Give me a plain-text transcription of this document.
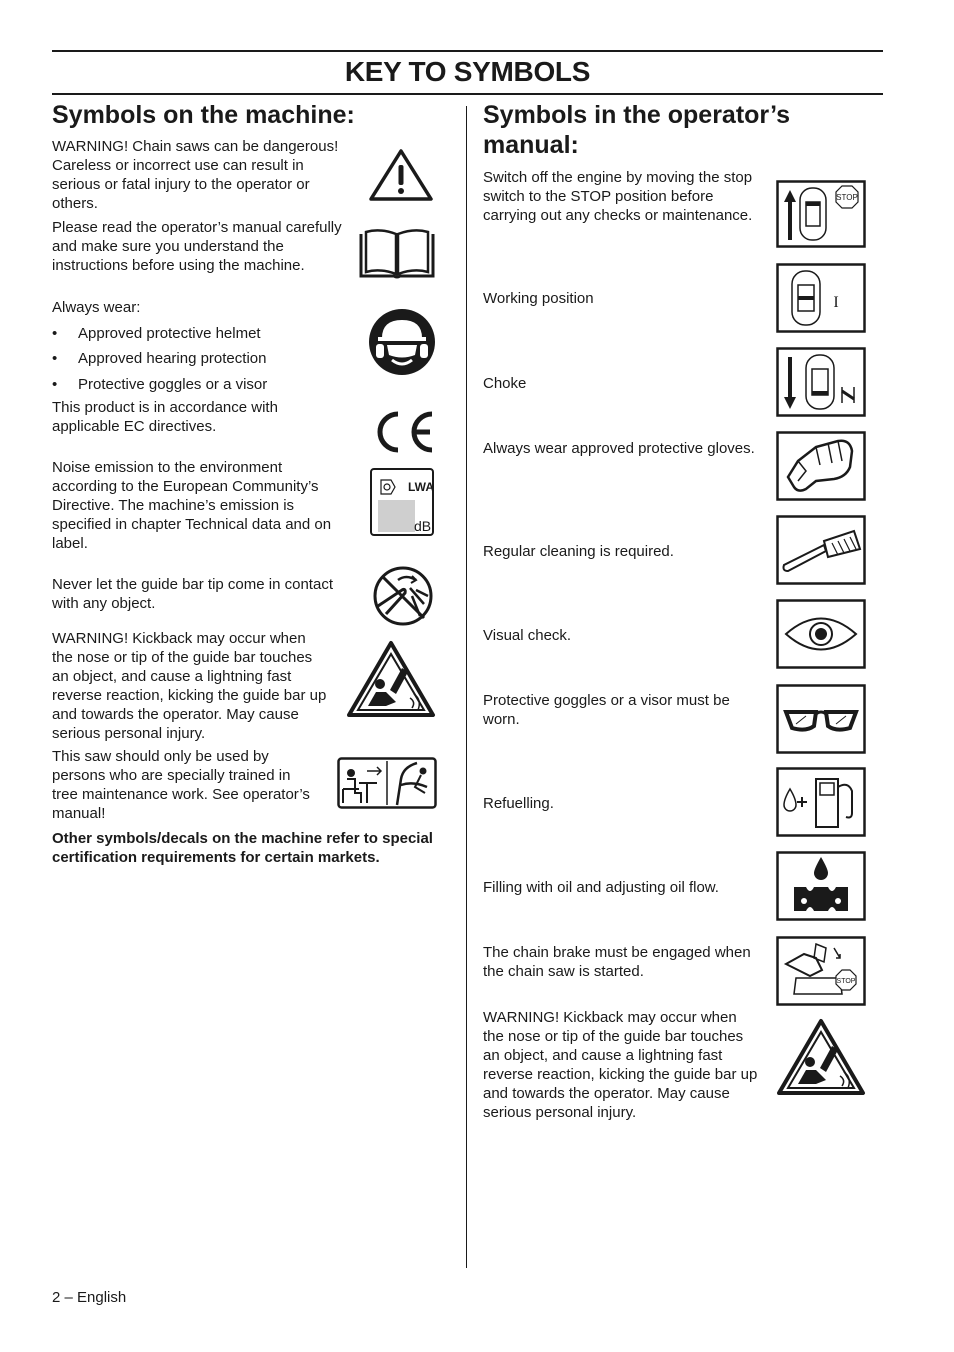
KEY TO SYMBOLS
Symbols on the machine:

WARNING! Chain saws can be dangerous! Careless or incorrect use can result in serious or fatal injury to the operator or others.

Please read the operator’s manual carefully and make sure you understand the instructions before using the machine.

Always wear:
• Approved protective helmet
• Approved hearing protection
• Protective goggles or a visor

This product is in accordance with applicable EC directives.

Noise emission to the environment according to the European Community’s Directive. The machine’s emission is specified in chapter Technical data and on label.

LWA
dB

Never let the guide bar tip come in contact with any object.

WARNING! Kickback may occur when the nose or tip of the guide bar touches an object, and cause a lightning fast reverse reaction, kicking the guide bar up and towards the operator. May cause serious personal injury.

This saw should only be used by persons who are specially trained in tree maintenance work. See operator’s manual!

Other symbols/decals on the machine refer to special certification requirements for certain markets.

Symbols in the operator’s
manual:

Switch off the engine by moving the stop switch to the STOP position before carrying out any checks or maintenance.

STOP

Working position	I

Choke

Always wear approved protective gloves.

Regular cleaning is required.

Visual check.

Protective goggles or a visor must be worn.

Refuelling.

Filling with oil and adjusting oil flow.

The chain brake must be engaged when the chain saw is started.

STOP

WARNING! Kickback may occur when the nose or tip of the guide bar touches an object, and cause a lightning fast reverse reaction, kicking the guide bar up and towards the operator. May cause serious personal injury.

2 – English
